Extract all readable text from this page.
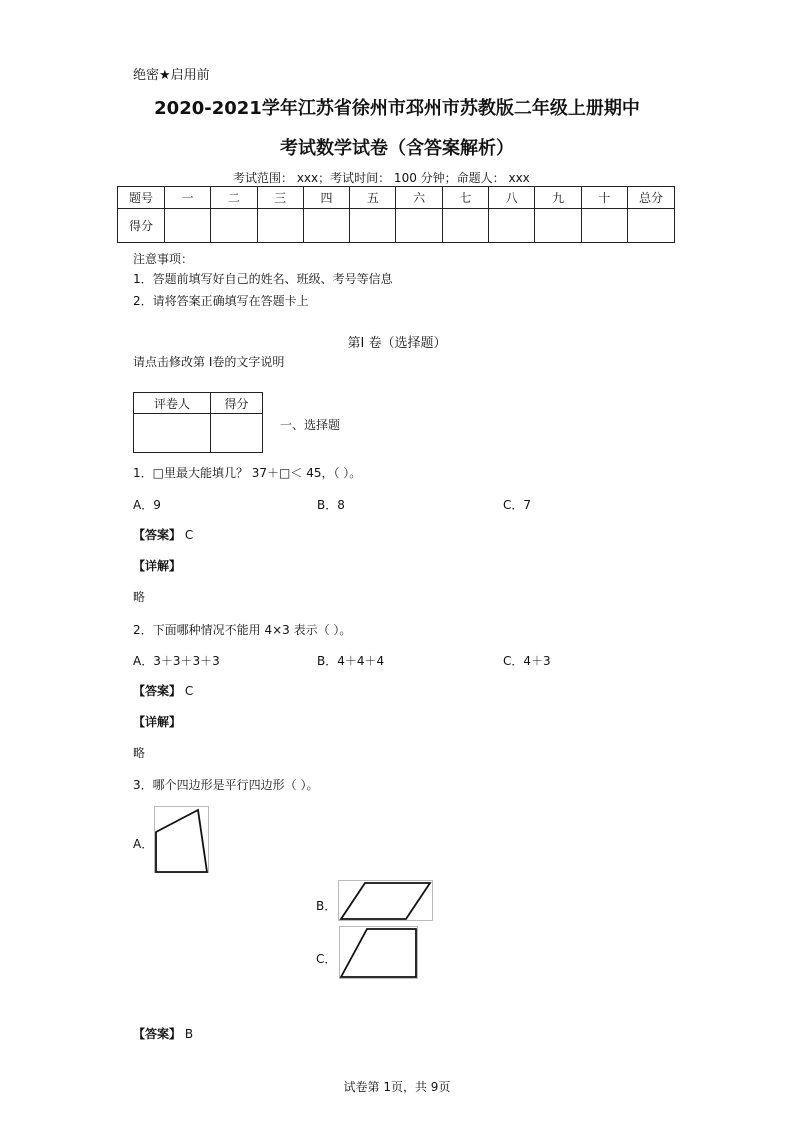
绝密★启用前
2020-2021学年江苏省徐州市邳州市苏教版二年级上册期中
考试数学试卷（含答案解析）
考试范围： xxx；考试时间： 100 分钟；命题人： xxx
题号	一	二	三	四	五	六	七	八	九	十	总分
得分											
注意事项：
1．答题前填写好自己的姓名、班级、考号等信息
2．请将答案正确填写在答题卡上
第Ⅰ 卷（选择题）
请点击修改第 Ⅰ卷的文字说明
评卷人	得分

一、选择题
1．□里最大能填几？ 37＋□＜ 45，（ ）。
A．9	B．8	C．7
【答案】 C
【详解】
略
2．下面哪种情况不能用 4×3 表示（ ）。
A．3＋3＋3＋3	B．4＋4＋4	C．4＋3
【答案】 C
【详解】
略
3．哪个四边形是平行四边形（ ）。
A．
B．
C．
【答案】 B
试卷第 1页，共 9页
